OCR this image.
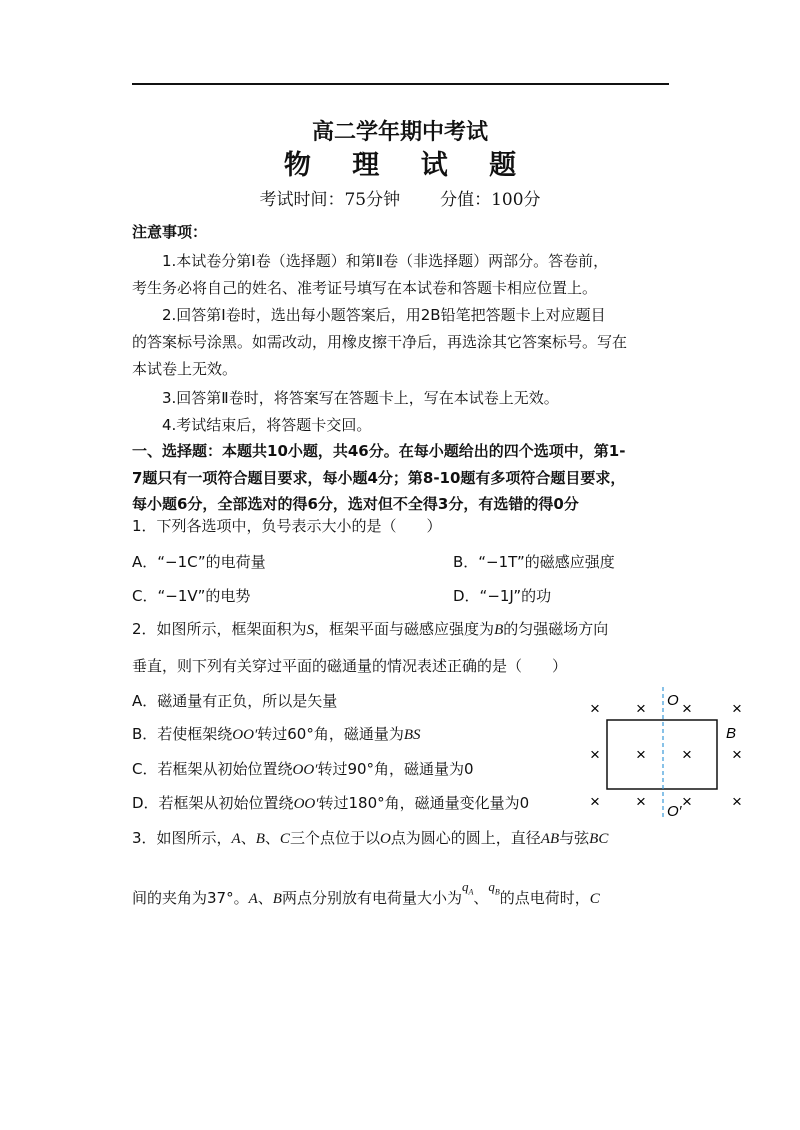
高二学年期中考试
物 理 试 题
考试时间：75分钟 分值：100分
注意事项：
1.本试卷分第Ⅰ卷（选择题）和第Ⅱ卷（非选择题）两部分。答卷前，
考生务必将自己的姓名、准考证号填写在本试卷和答题卡相应位置上。
2.回答第Ⅰ卷时，选出每小题答案后，用2B铅笔把答题卡上对应题目
的答案标号涂黑。如需改动，用橡皮擦干净后，再选涂其它答案标号。写在
本试卷上无效。
3.回答第Ⅱ卷时，将答案写在答题卡上，写在本试卷上无效。
4.考试结束后，将答题卡交回。
一、选择题：本题共10小题，共46分。在每小题给出的四个选项中，第1-
7题只有一项符合题目要求，每小题4分；第8-10题有多项符合题目要求，
每小题6分，全部选对的得6分，选对但不全得3分，有选错的得0分
1．下列各选项中，负号表示大小的是（　　）
A．“−1C”的电荷量	B．“−1T”的磁感应强度
C．“−1V”的电势	D．“−1J”的功
2．如图所示，框架面积为S，框架平面与磁感应强度为B的匀强磁场方向
垂直，则下列有关穿过平面的磁通量的情况表述正确的是（　　）
A．磁通量有正负，所以是矢量
B．若使框架绕OO′转过60°角，磁通量为BS
C．若框架从初始位置绕OO′转过90°角，磁通量为0
D．若框架从初始位置绕OO′转过180°角，磁通量变化量为0
× × × ×
× × × ×
× × × ×
O
O′
B
3．如图所示，A、B、C三个点位于以O点为圆心的圆上，直径AB与弦BC
间的夹角为37°。A、B两点分别放有电荷量大小为$q_A$、$q_B$的点电荷时，C
